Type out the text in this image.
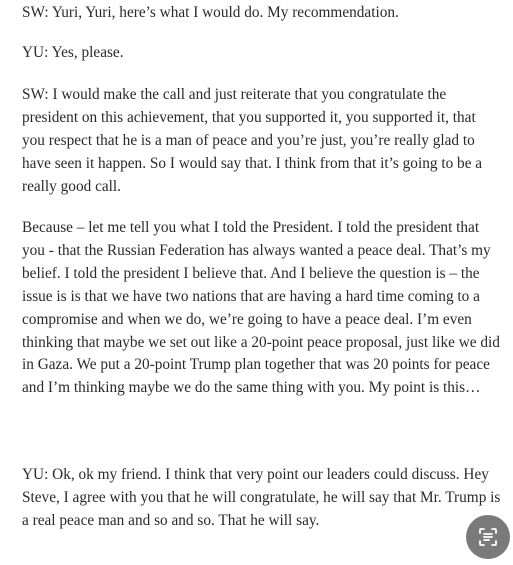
SW: Yuri, Yuri, here’s what I would do. My recommendation.

YU: Yes, please.

SW: I would make the call and just reiterate that you congratulate the president on this achievement, that you supported it, you supported it, that you respect that he is a man of peace and you’re just, you’re really glad to have seen it happen. So I would say that. I think from that it’s going to be a really good call.

Because – let me tell you what I told the President. I told the president that you - that the Russian Federation has always wanted a peace deal. That’s my belief. I told the president I believe that. And I believe the question is – the issue is is that we have two nations that are having a hard time coming to a compromise and when we do, we’re going to have a peace deal. I’m even thinking that maybe we set out like a 20-point peace proposal, just like we did in Gaza. We put a 20-point Trump plan together that was 20 points for peace and I’m thinking maybe we do the same thing with you. My point is this…

YU: Ok, ok my friend. I think that very point our leaders could discuss. Hey Steve, I agree with you that he will congratulate, he will say that Mr. Trump is a real peace man and so and so. That he will say.
